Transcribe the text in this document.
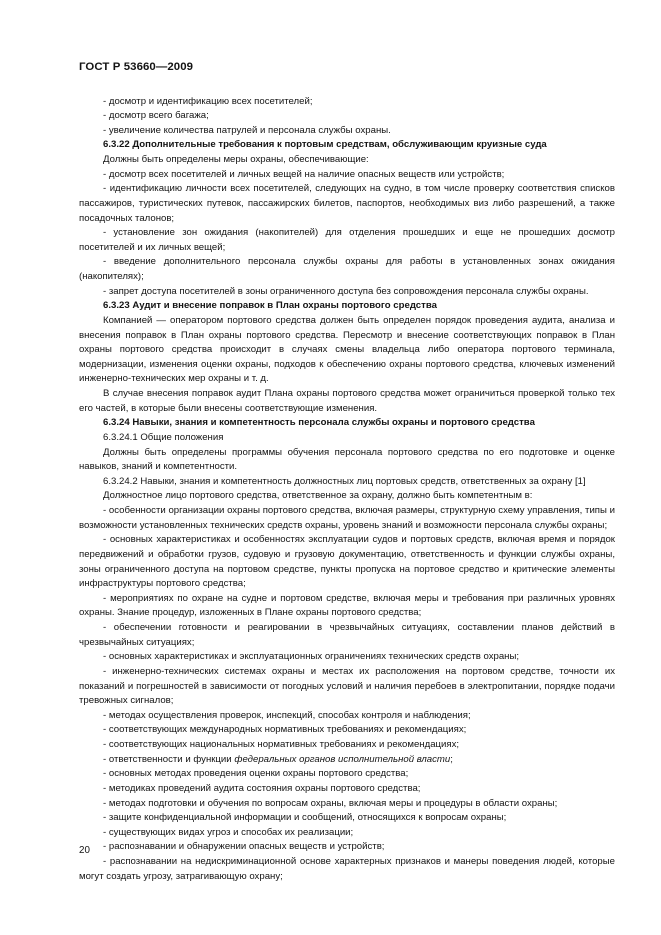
ГОСТ Р 53660—2009

- досмотр и идентификацию всех посетителей;

- досмотр всего багажа;

- увеличение количества патрулей и персонала службы охраны.

6.3.22 Дополнительные требования к портовым средствам, обслуживающим круизные суда

Должны быть определены меры охраны, обеспечивающие:

- досмотр всех посетителей и личных вещей на наличие опасных веществ или устройств;

- идентификацию личности всех посетителей, следующих на судно, в том числе проверку соответствия списков пассажиров, туристических путевок, пассажирских билетов, паспортов, необходимых виз либо разрешений, а также посадочных талонов;

- установление зон ожидания (накопителей) для отделения прошедших и еще не прошедших досмотр посетителей и их личных вещей;

- введение дополнительного персонала службы охраны для работы в установленных зонах ожидания (накопителях);

- запрет доступа посетителей в зоны ограниченного доступа без сопровождения персонала службы охраны.

6.3.23 Аудит и внесение поправок в План охраны портового средства

Компанией — оператором портового средства должен быть определен порядок проведения аудита, анализа и внесения поправок в План охраны портового средства. Пересмотр и внесение соответствующих поправок в План охраны портового средства происходит в случаях смены владельца либо оператора портового терминала, модернизации, изменения оценки охраны, подходов к обеспечению охраны портового средства, ключевых изменений инженерно-технических мер охраны и т. д.

В случае внесения поправок аудит Плана охраны портового средства может ограничиться проверкой только тех его частей, в которые были внесены соответствующие изменения.

6.3.24 Навыки, знания и компетентность персонала службы охраны и портового средства

6.3.24.1 Общие положения

Должны быть определены программы обучения персонала портового средства по его подготовке и оценке навыков, знаний и компетентности.

6.3.24.2 Навыки, знания и компетентность должностных лиц портовых средств, ответственных за охрану [1]

Должностное лицо портового средства, ответственное за охрану, должно быть компетентным в:

- особенности организации охраны портового средства, включая размеры, структурную схему управления, типы и возможности установленных технических средств охраны, уровень знаний и возможности персонала службы охраны;

- основных характеристиках и особенностях эксплуатации судов и портовых средств, включая время и порядок передвижений и обработки грузов, судовую и грузовую документацию, ответственность и функции службы охраны, зоны ограниченного доступа на портовом средстве, пункты пропуска на портовое средство и критические элементы инфраструктуры портового средства;

- мероприятиях по охране на судне и портовом средстве, включая меры и требования при различных уровнях охраны. Знание процедур, изложенных в Плане охраны портового средства;

- обеспечении готовности и реагировании в чрезвычайных ситуациях, составлении планов действий в чрезвычайных ситуациях;

- основных характеристиках и эксплуатационных ограничениях технических средств охраны;

- инженерно-технических системах охраны и местах их расположения на портовом средстве, точности их показаний и погрешностей в зависимости от погодных условий и наличия перебоев в электропитании, порядке подачи тревожных сигналов;

- методах осуществления проверок, инспекций, способах контроля и наблюдения;

- соответствующих международных нормативных требованиях и рекомендациях;

- соответствующих национальных нормативных требованиях и рекомендациях;

- ответственности и функции федеральных органов исполнительной власти;

- основных методах проведения оценки охраны портового средства;

- методиках проведений аудита состояния охраны портового средства;

- методах подготовки и обучения по вопросам охраны, включая меры и процедуры в области охраны;

- защите конфиденциальной информации и сообщений, относящихся к вопросам охраны;

- существующих видах угроз и способах их реализации;

- распознавании и обнаружении опасных веществ и устройств;

- распознавании на недискриминационной основе характерных признаков и манеры поведения людей, которые могут создать угрозу, затрагивающую охрану;

20
